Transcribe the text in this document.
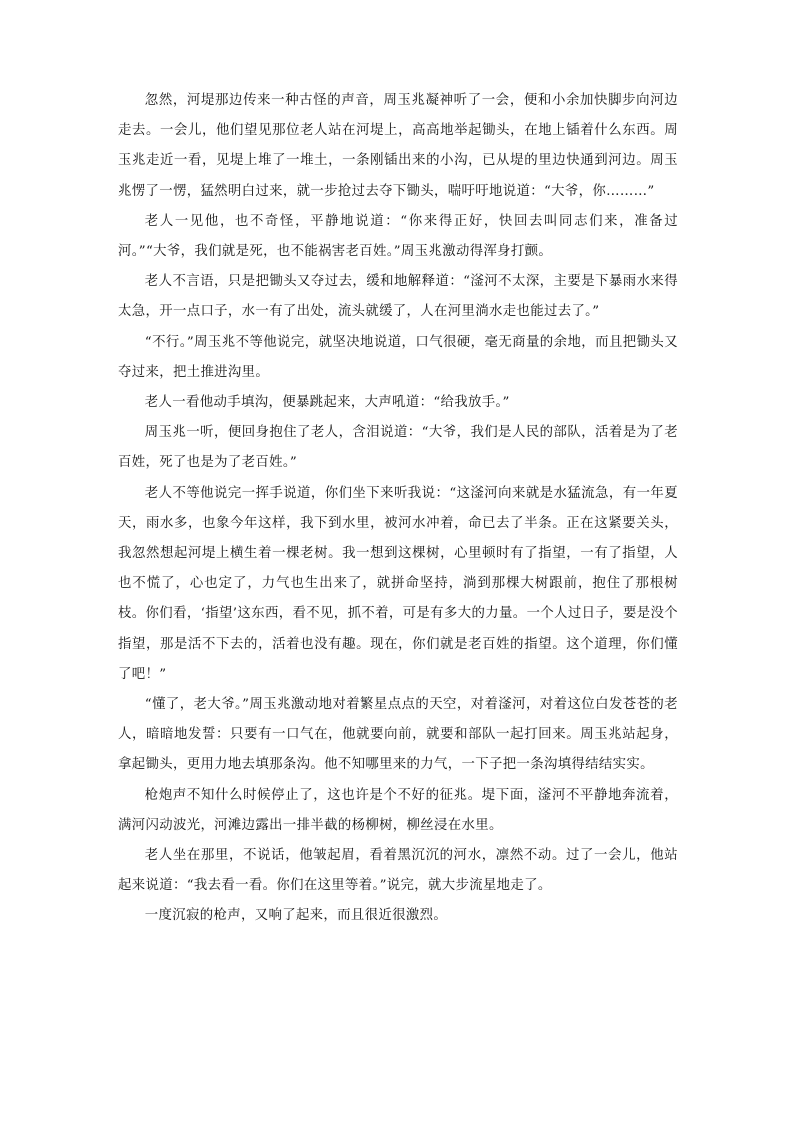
忽然，河堤那边传来一种古怪的声音，周玉兆凝神听了一会，便和小余加快脚步向河边走去。一会儿，他们望见那位老人站在河堤上，高高地举起锄头，在地上锸着什么东西。周玉兆走近一看，见堤上堆了一堆土，一条刚锸出来的小沟，已从堤的里边快通到河边。周玉兆愣了一愣，猛然明白过来，就一步抢过去夺下锄头，喘吁吁地说道：“大爷，你………”

老人一见他，也不奇怪，平静地说道：“你来得正好，快回去叫同志们来，准备过河。”“大爷，我们就是死，也不能祸害老百姓。”周玉兆激动得浑身打颤。

老人不言语，只是把锄头又夺过去，缓和地解释道：“滏河不太深，主要是下暴雨水来得太急，开一点口子，水一有了出处，流头就缓了，人在河里淌水走也能过去了。”

“不行。”周玉兆不等他说完，就坚决地说道，口气很硬，毫无商量的余地，而且把锄头又夺过来，把土推进沟里。

老人一看他动手填沟，便暴跳起来，大声吼道：“给我放手。”

周玉兆一听，便回身抱住了老人，含泪说道：“大爷，我们是人民的部队，活着是为了老百姓，死了也是为了老百姓。”

老人不等他说完一挥手说道，你们坐下来听我说：“这滏河向来就是水猛流急，有一年夏天，雨水多，也象今年这样，我下到水里，被河水冲着，命已去了半条。正在这紧要关头，我忽然想起河堤上横生着一棵老树。我一想到这棵树，心里顿时有了指望，一有了指望，人也不慌了，心也定了，力气也生出来了，就拼命坚持，淌到那棵大树跟前，抱住了那根树枝。你们看，‘指望’这东西，看不见，抓不着，可是有多大的力量。一个人过日子，要是没个指望，那是活不下去的，活着也没有趣。现在，你们就是老百姓的指望。这个道理，你们懂了吧！”

“懂了，老大爷。”周玉兆激动地对着繁星点点的天空，对着滏河，对着这位白发苍苍的老人，暗暗地发誓：只要有一口气在，他就要向前，就要和部队一起打回来。周玉兆站起身，拿起锄头，更用力地去填那条沟。他不知哪里来的力气，一下子把一条沟填得结结实实。

枪炮声不知什么时候停止了，这也许是个不好的征兆。堤下面，滏河不平静地奔流着，满河闪动波光，河滩边露出一排半截的杨柳树，柳丝浸在水里。

老人坐在那里，不说话，他皱起眉，看着黑沉沉的河水，凛然不动。过了一会儿，他站起来说道：“我去看一看。你们在这里等着。”说完，就大步流星地走了。

一度沉寂的枪声，又响了起来，而且很近很激烈。
